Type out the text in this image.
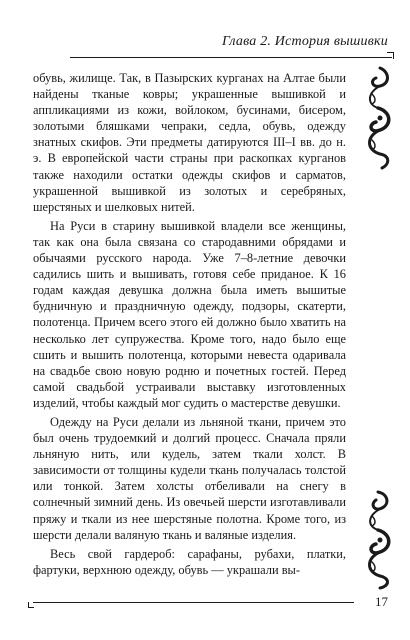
Глава 2. История вышивки

обувь, жилище. Так, в Пазырских курганах на Алтае были найдены тканые ковры; украшенные вышивкой и аппликациями из кожи, войлоком, бусинами, бисером, золотыми бляшками чепраки, седла, обувь, одежду знатных скифов. Эти предметы датируются III–I вв. до н. э. В европейской части страны при раскопках курганов также находили остатки одежды скифов и сарматов, украшенной вышивкой из золотых и серебряных, шерстяных и шелковых нитей.

На Руси в старину вышивкой владели все женщины, так как она была связана со стародавними обрядами и обычаями русского народа. Уже 7–8-летние девочки садились шить и вышивать, готовя себе приданое. К 16 годам каждая девушка должна была иметь вышитые будничную и праздничную одежду, подзоры, скатерти, полотенца. Причем всего этого ей должно было хватить на несколько лет супружества. Кроме того, надо было еще сшить и вышить полотенца, которыми невеста одаривала на свадьбе свою новую родню и почетных гостей. Перед самой свадьбой устраивали выставку изготовленных изделий, чтобы каждый мог судить о мастерстве девушки.

Одежду на Руси делали из льняной ткани, причем это был очень трудоемкий и долгий процесс. Сначала пряли льняную нить, или кудель, затем ткали холст. В зависимости от толщины кудели ткань получалась толстой или тонкой. Затем холсты отбеливали на снегу в солнечный зимний день. Из овечьей шерсти изготавливали пряжу и ткали из нее шерстяные полотна. Кроме того, из шерсти делали валяную ткань и валяные изделия.

Весь свой гардероб: сарафаны, рубахи, платки, фартуки, верхнюю одежду, обувь — украшали вы-

17
